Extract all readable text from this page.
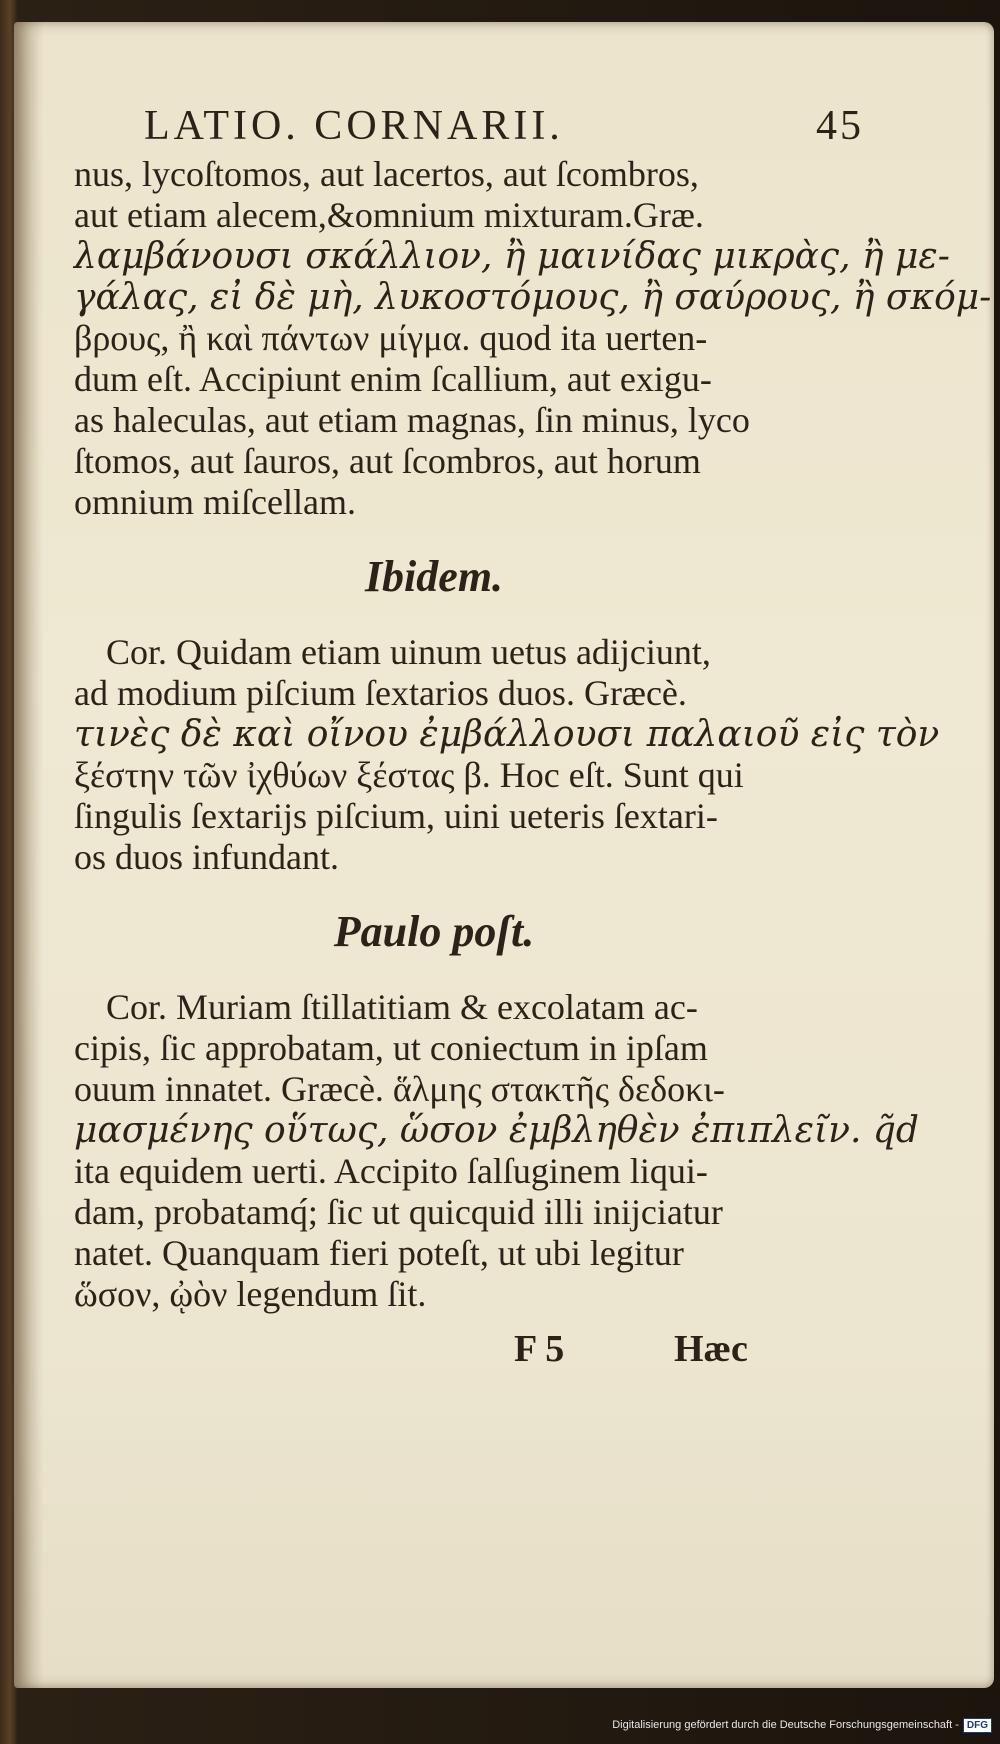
LATIO. CORNARII.	45
nus, lycoſtomos, aut lacertos, aut ſcombros,
aut etiam alecem,&omnium mixturam.Græ.
λαμβάνουσι σκάλλιον, ἢ μαινίδας μικρὰς, ἢ με-
γάλας, εἰ δὲ μὴ, λυκοστόμους, ἢ σαύρους, ἢ σκόμ-
βρους, ἢ καὶ πάντων μίγμα. quod ita uerten-
dum eſt. Accipiunt enim ſcallium, aut exigu-
as haleculas, aut etiam magnas, ſin minus, lyco
ſtomos, aut ſauros, aut ſcombros, aut horum
omnium miſcellam.
Ibidem.
Cor. Quidam etiam uinum uetus adijciunt,
ad modium piſcium ſextarios duos. Græcè.
τινὲς δὲ καὶ οἴνου ἐμβάλλουσι παλαιοῦ εἰς τὸν
ξέστην τῶν ἰχθύων ξέστας β. Hoc eſt. Sunt qui
ſingulis ſextarijs piſcium, uini ueteris ſextari-
os duos infundant.
Paulo poſt.
Cor. Muriam ſtillatitiam & excolatam ac-
cipis, ſic approbatam, ut coniectum in ipſam
ouum innatet. Græcè. ἅλμης στακτῆς δεδοκι-
μασμένης οὕτως, ὥσον ἐμβληθὲν ἐπιπλεῖν. q̃d
ita equidem uerti. Accipito ſalſuginem liqui-
dam, probatamq́; ſic ut quicquid illi inijciatur
natet. Quanquam fieri poteſt, ut ubi legitur
ὥσον, ᾠὸν legendum ſit.
F 5	Hæc
Digitalisierung gefördert durch die Deutsche Forschungsgemeinschaft - DFG
